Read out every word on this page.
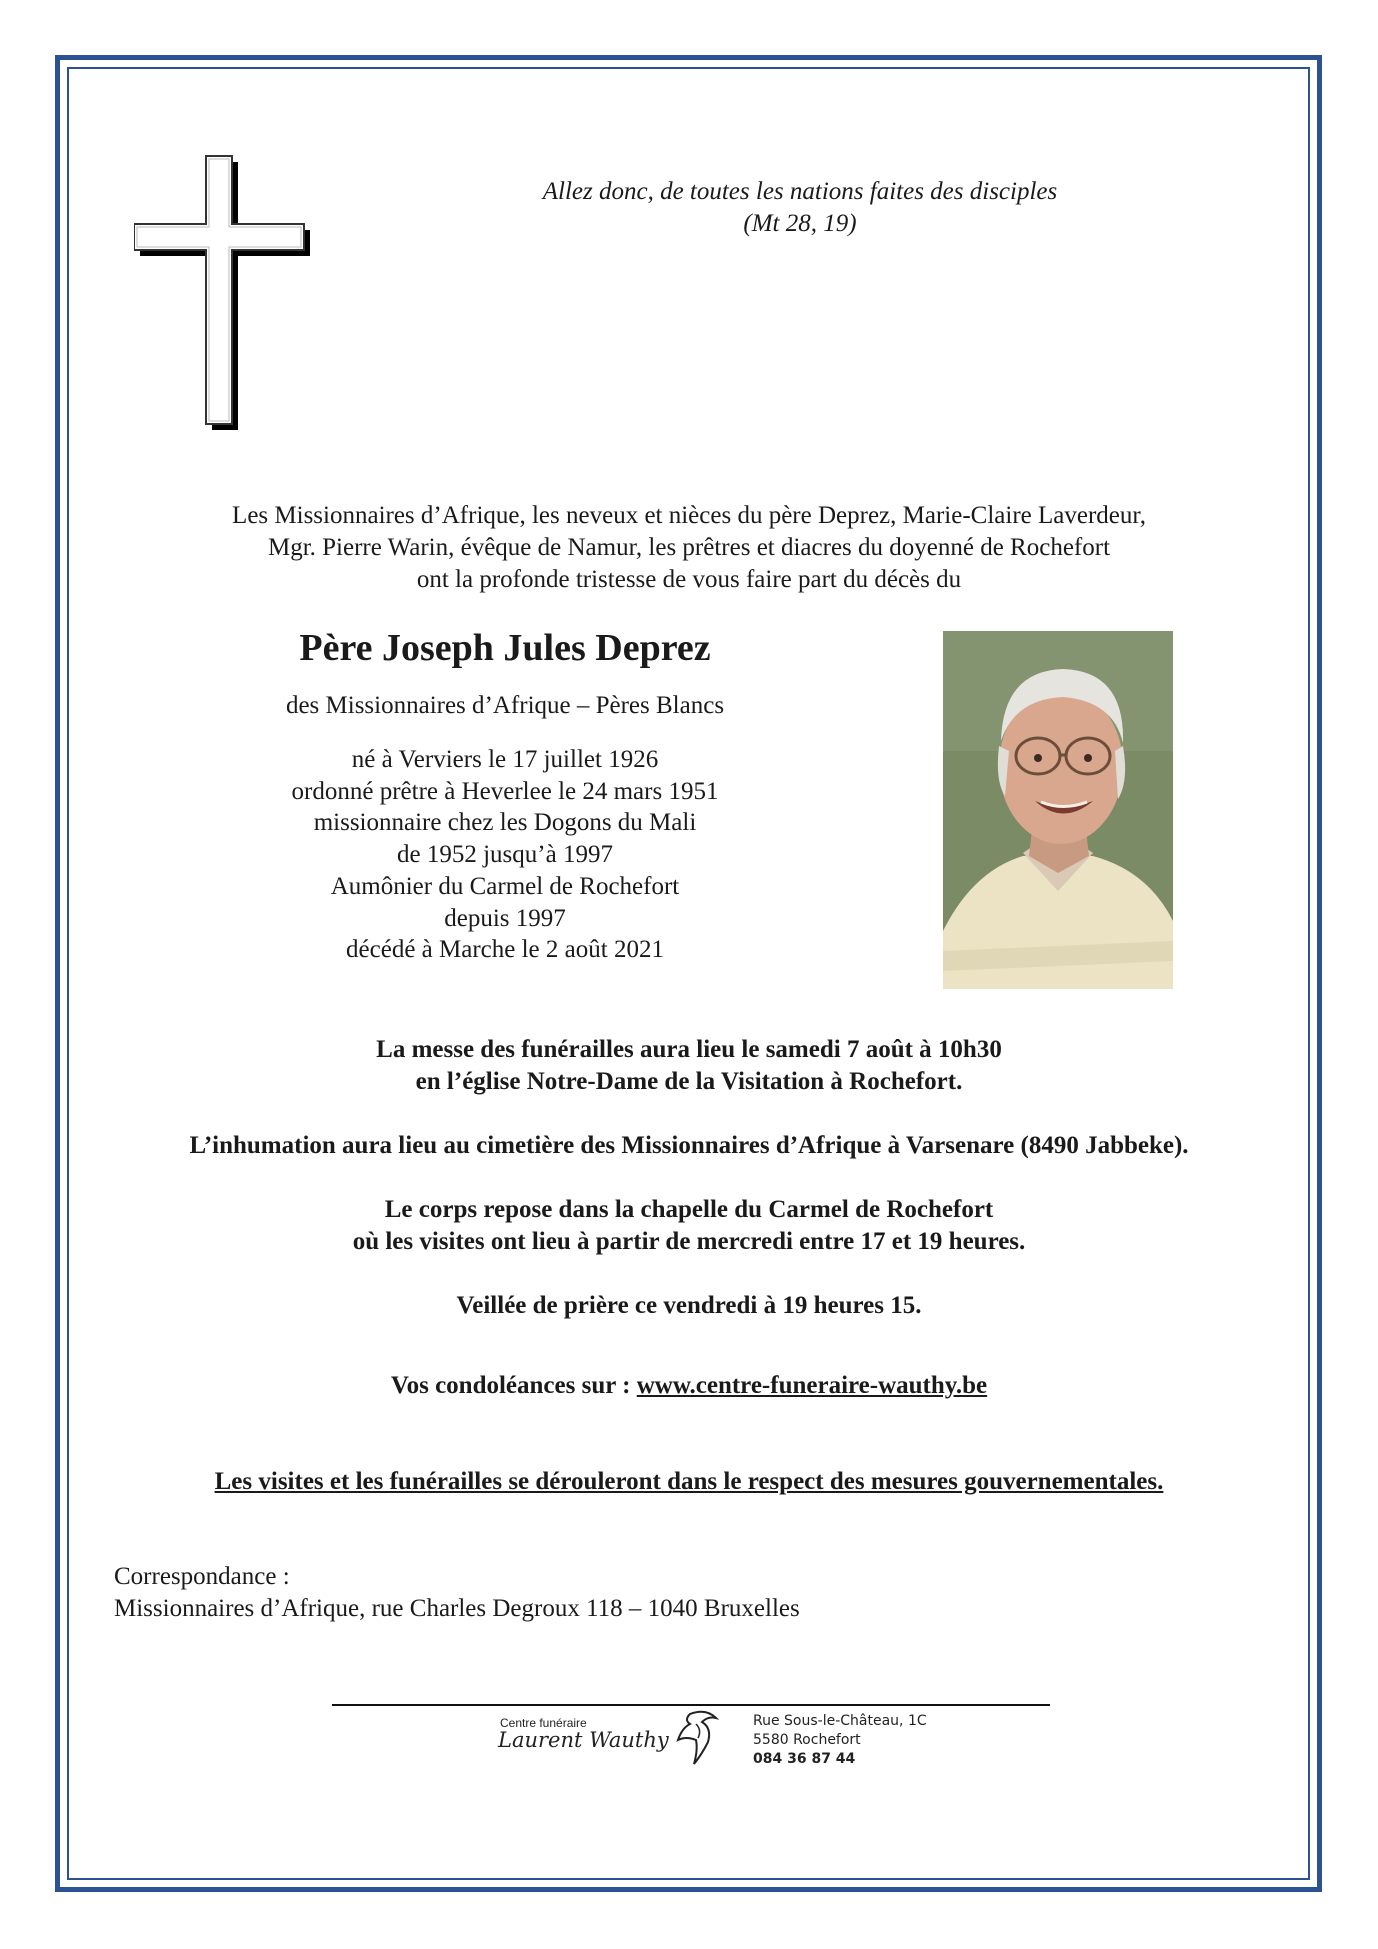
Allez donc, de toutes les nations faites des disciples
(Mt 28, 19)
Les Missionnaires d’Afrique, les neveux et nièces du père Deprez, Marie-Claire Laverdeur,
Mgr. Pierre Warin, évêque de Namur, les prêtres et diacres du doyenné de Rochefort
ont la profonde tristesse de vous faire part du décès du
Père Joseph Jules Deprez
des Missionnaires d’Afrique – Pères Blancs
né à Verviers le 17 juillet 1926
ordonné prêtre à Heverlee le 24 mars 1951
missionnaire chez les Dogons du Mali
de 1952 jusqu’à 1997
Aumônier du Carmel de Rochefort
depuis 1997
décédé à Marche le 2 août 2021
La messe des funérailles aura lieu le samedi 7 août à 10h30
en l’église Notre-Dame de la Visitation à Rochefort.
L’inhumation aura lieu au cimetière des Missionnaires d’Afrique à Varsenare (8490 Jabbeke).
Le corps repose dans la chapelle du Carmel de Rochefort
où les visites ont lieu à partir de mercredi entre 17 et 19 heures.
Veillée de prière ce vendredi à 19 heures 15.
Vos condoléances sur : www.centre-funeraire-wauthy.be
Les visites et les funérailles se dérouleront dans le respect des mesures gouvernementales.
Correspondance :
Missionnaires d’Afrique, rue Charles Degroux 118 – 1040 Bruxelles
Centre funéraire
Laurent Wauthy
Rue Sous-le-Château, 1C
5580 Rochefort
084 36 87 44
